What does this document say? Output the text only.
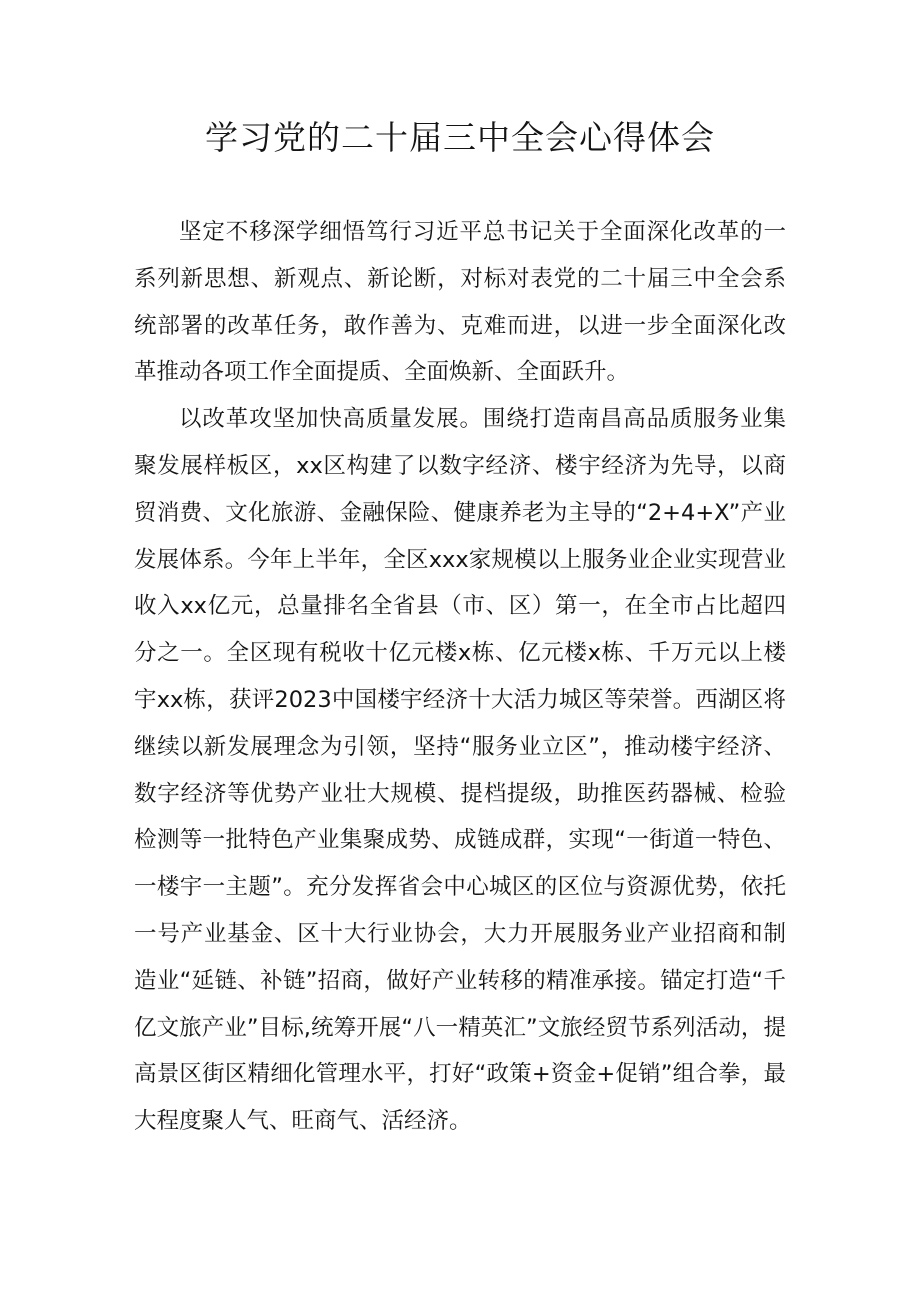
学习党的二十届三中全会心得体会

坚定不移深学细悟笃行习近平总书记关于全面深化改革的一系列新思想、新观点、新论断，对标对表党的二十届三中全会系统部署的改革任务，敢作善为、克难而进，以进一步全面深化改革推动各项工作全面提质、全面焕新、全面跃升。

以改革攻坚加快高质量发展。围绕打造南昌高品质服务业集聚发展样板区，xx区构建了以数字经济、楼宇经济为先导，以商贸消费、文化旅游、金融保险、健康养老为主导的“2+4+X”产业发展体系。今年上半年，全区xxx家规模以上服务业企业实现营业收入xx亿元，总量排名全省县（市、区）第一，在全市占比超四分之一。全区现有税收十亿元楼x栋、亿元楼x栋、千万元以上楼宇xx栋，获评2023中国楼宇经济十大活力城区等荣誉。西湖区将继续以新发展理念为引领，坚持“服务业立区”，推动楼宇经济、数字经济等优势产业壮大规模、提档提级，助推医药器械、检验检测等一批特色产业集聚成势、成链成群，实现“一街道一特色、一楼宇一主题”。充分发挥省会中心城区的区位与资源优势，依托一号产业基金、区十大行业协会，大力开展服务业产业招商和制造业“延链、补链”招商，做好产业转移的精准承接。锚定打造“千亿文旅产业”目标,统筹开展“八一精英汇”文旅经贸节系列活动，提高景区街区精细化管理水平，打好“政策+资金+促销”组合拳，最大程度聚人气、旺商气、活经济。
